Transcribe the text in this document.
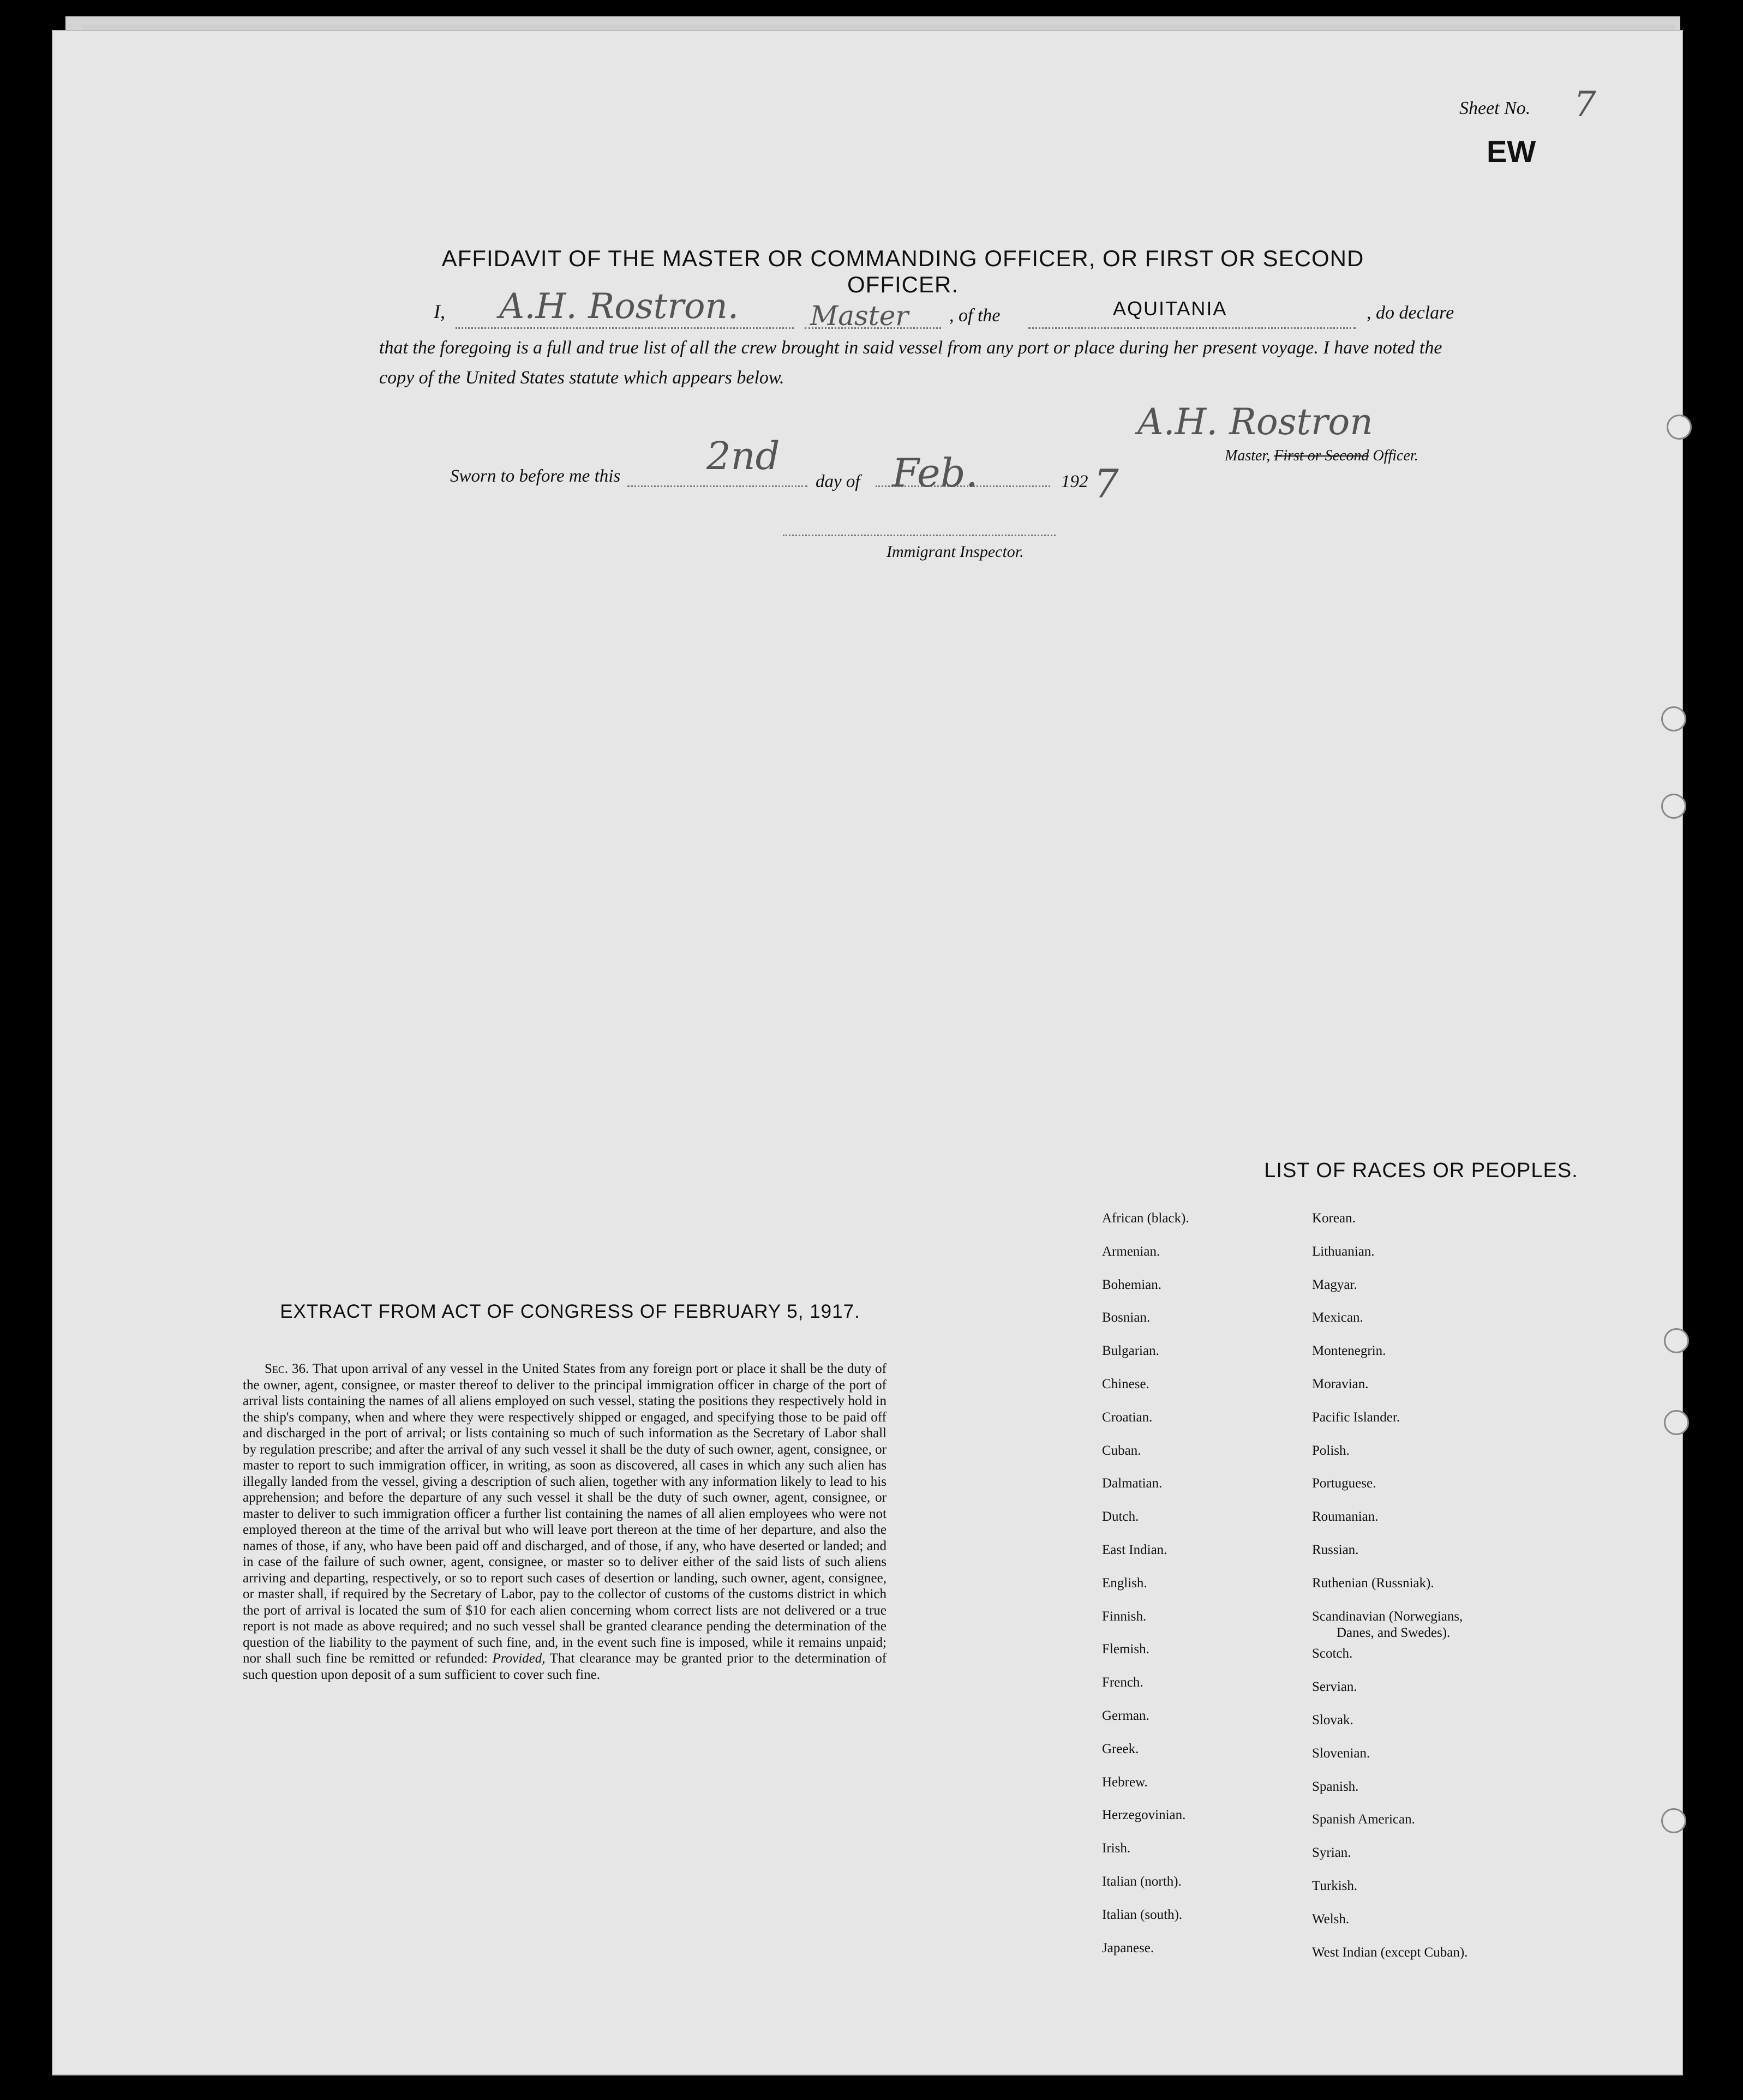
Sheet No. 7
EW
AFFIDAVIT OF THE MASTER OR COMMANDING OFFICER, OR FIRST OR SECOND OFFICER.
I, A.H. Rostron.	Master , of the	AQUITANIA	, do declare
that the foregoing is a full and true list of all the crew brought in said vessel from any port or place during her present voyage. I have noted the copy of the United States statute which appears below.
A.H. Rostron
Master, First or Second Officer.
Sworn to before me this 2nd
day of Feb.	192 7
Immigrant Inspector.
EXTRACT FROM ACT OF CONGRESS OF FEBRUARY 5, 1917.
Sec. 36. That upon arrival of any vessel in the United States from any foreign port or place it shall be the duty of the owner, agent, consignee, or master thereof to deliver to the principal immigration officer in charge of the port of arrival lists containing the names of all aliens employed on such vessel, stating the positions they respectively hold in the ship's company, when and where they were respectively shipped or engaged, and specifying those to be paid off and discharged in the port of arrival; or lists containing so much of such information as the Secretary of Labor shall by regulation prescribe; and after the arrival of any such vessel it shall be the duty of such owner, agent, consignee, or master to report to such immigration officer, in writing, as soon as discovered, all cases in which any such alien has illegally landed from the vessel, giving a description of such alien, together with any information likely to lead to his apprehension; and before the departure of any such vessel it shall be the duty of such owner, agent, consignee, or master to deliver to such immigration officer a further list containing the names of all alien employees who were not employed thereon at the time of the arrival but who will leave port thereon at the time of her departure, and also the names of those, if any, who have been paid off and discharged, and of those, if any, who have deserted or landed; and in case of the failure of such owner, agent, consignee, or master so to deliver either of the said lists of such aliens arriving and departing, respectively, or so to report such cases of desertion or landing, such owner, agent, consignee, or master shall, if required by the Secretary of Labor, pay to the collector of customs of the customs district in which the port of arrival is located the sum of $10 for each alien concerning whom correct lists are not delivered or a true report is not made as above required; and no such vessel shall be granted clearance pending the determination of the question of the liability to the payment of such fine, and, in the event such fine is imposed, while it remains unpaid; nor shall such fine be remitted or refunded: Provided, That clearance may be granted prior to the determination of such question upon deposit of a sum sufficient to cover such fine.
LIST OF RACES OR PEOPLES.
African (black).
Armenian.
Bohemian.
Bosnian.
Bulgarian.
Chinese.
Croatian.
Cuban.
Dalmatian.
Dutch.
East Indian.
English.
Finnish.
Flemish.
French.
German.
Greek.
Hebrew.
Herzegovinian.
Irish.
Italian (north).
Italian (south).
Japanese.
Korean.
Lithuanian.
Magyar.
Mexican.
Montenegrin.
Moravian.
Pacific Islander.
Polish.
Portuguese.
Roumanian.
Russian.
Ruthenian (Russniak).
Scandinavian (Norwegians,
Danes, and Swedes).
Scotch.
Servian.
Slovak.
Slovenian.
Spanish.
Spanish American.
Syrian.
Turkish.
Welsh.
West Indian (except Cuban).
